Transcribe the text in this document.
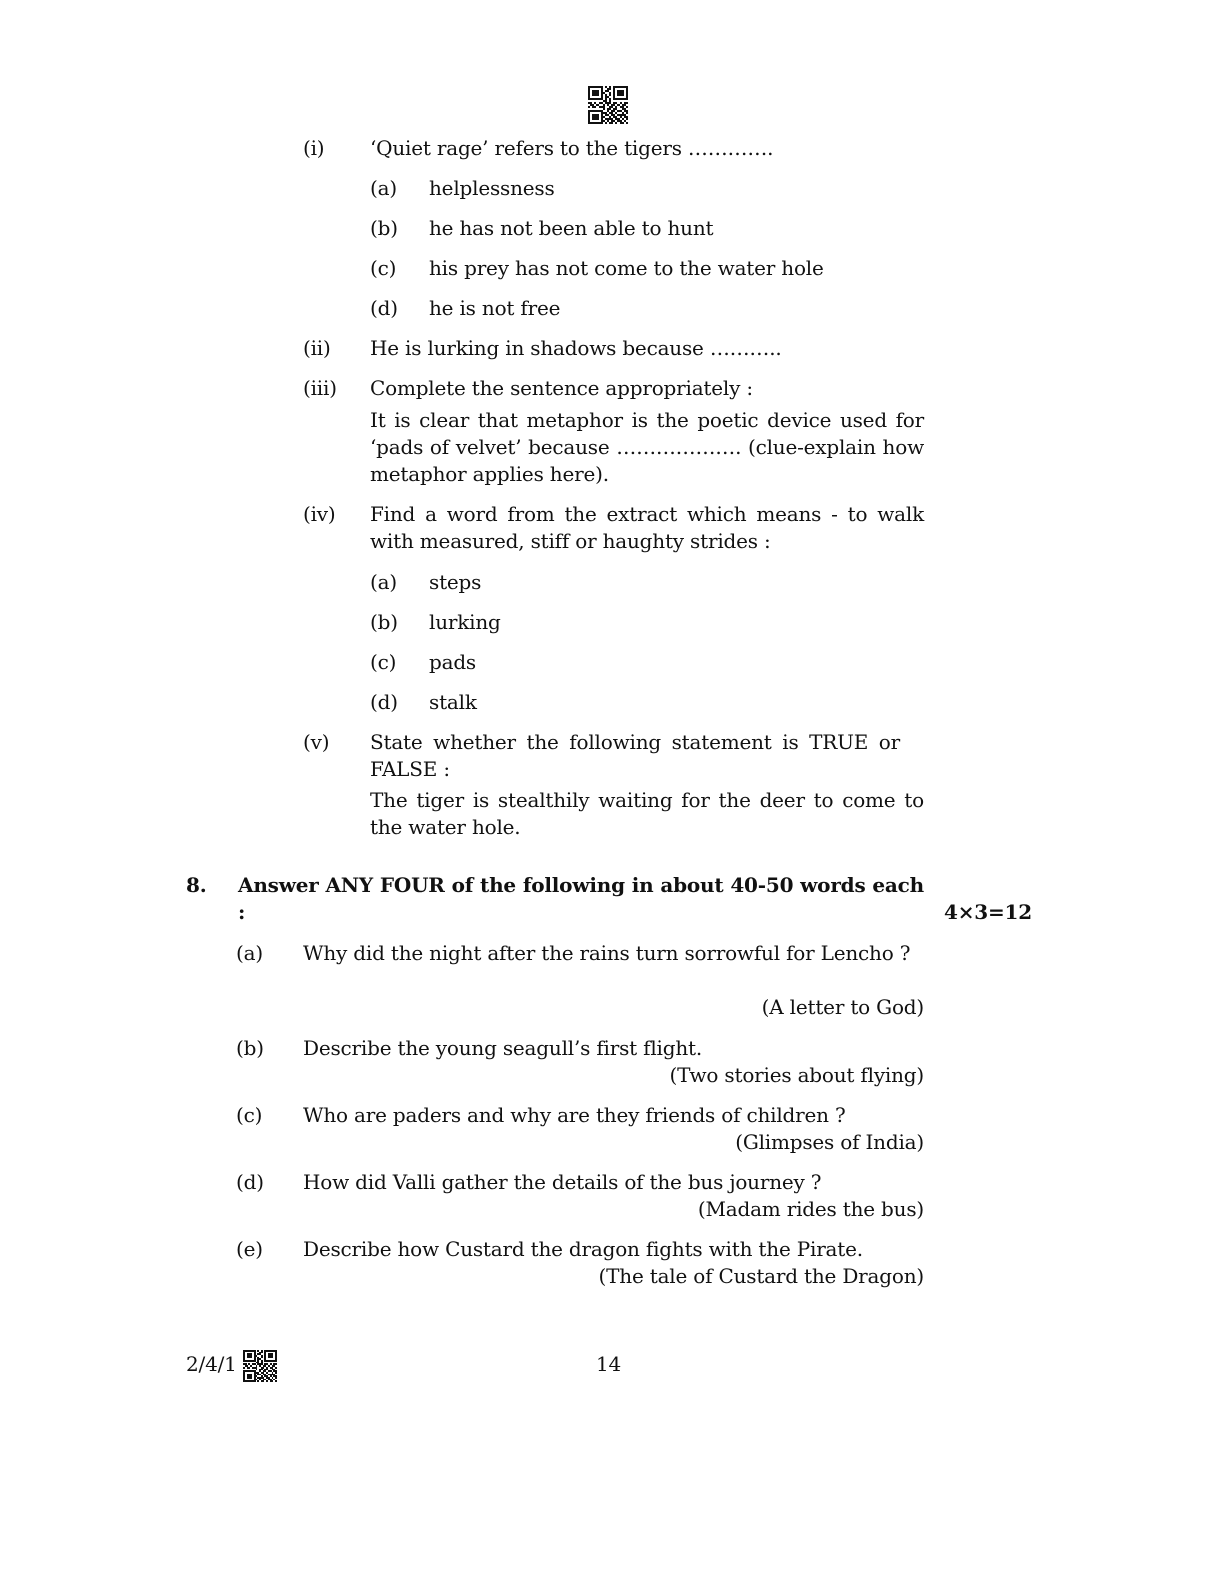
(i) ‘Quiet rage’ refers to the tigers ………….
(a) helplessness
(b) he has not been able to hunt
(c) his prey has not come to the water hole
(d) he is not free
(ii) He is lurking in shadows because ………..
(iii) Complete the sentence appropriately :
It is clear that metaphor is the poetic device used for ‘pads of velvet’ because ………………. (clue-explain how metaphor applies here).
(iv) Find a word from the extract which means - to walk with measured, stiff or haughty strides :
(a) steps
(b) lurking
(c) pads
(d) stalk
(v) State whether the following statement is TRUE or FALSE :
The tiger is stealthily waiting for the deer to come to the water hole.
8. Answer ANY FOUR of the following in about 40-50 words each :	4×3=12
(a) Why did the night after the rains turn sorrowful for Lencho ?
(A letter to God)
(b) Describe the young seagull’s first flight.
(Two stories about flying)
(c) Who are paders and why are they friends of children ?
(Glimpses of India)
(d) How did Valli gather the details of the bus journey ?
(Madam rides the bus)
(e) Describe how Custard the dragon fights with the Pirate.
(The tale of Custard the Dragon)
2/4/1	14
